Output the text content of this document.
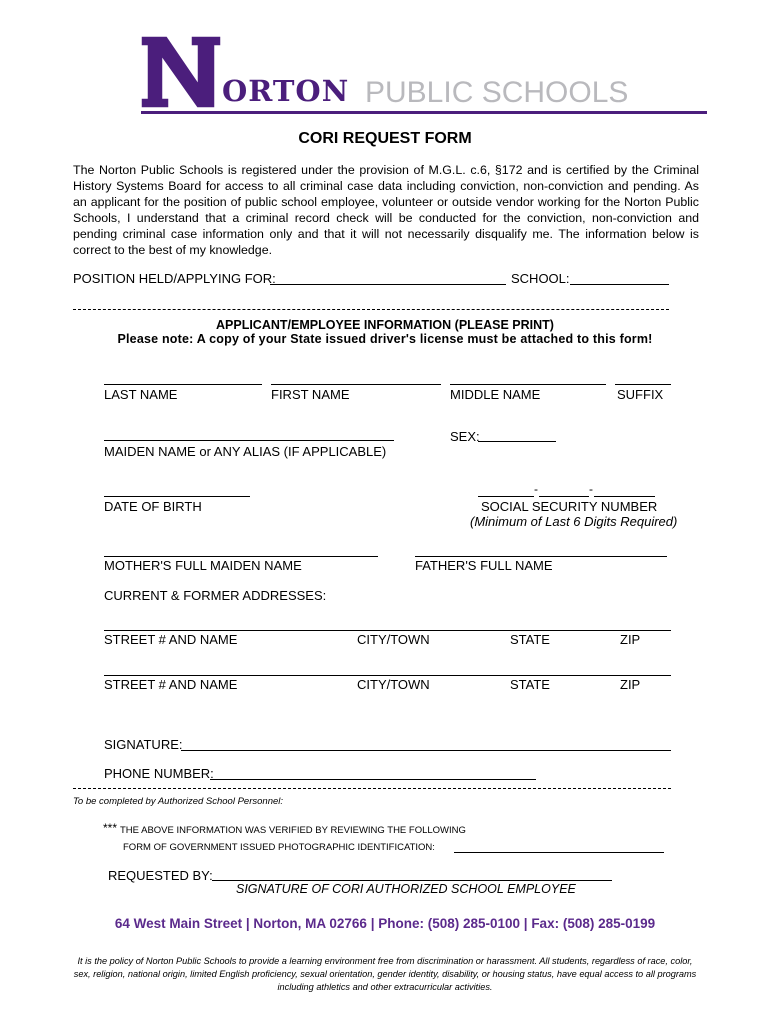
ORTON PUBLIC SCHOOLS
CORI REQUEST FORM
The Norton Public Schools is registered under the provision of M.G.L. c.6, §172 and is certified by the Criminal History Systems Board for access to all criminal case data including conviction, non-conviction and pending. As an applicant for the position of public school employee, volunteer or outside vendor working for the Norton Public Schools, I understand that a criminal record check will be conducted for the conviction, non-conviction and pending criminal case information only and that it will not necessarily disqualify me. The information below is correct to the best of my knowledge.
POSITION HELD/APPLYING FOR:	SCHOOL:
APPLICANT/EMPLOYEE INFORMATION (PLEASE PRINT)
Please note: A copy of your State issued driver's license must be attached to this form!
LAST NAME	FIRST NAME	MIDDLE NAME	SUFFIX
MAIDEN NAME or ANY ALIAS (IF APPLICABLE)
SEX:
DATE OF BIRTH
-	-
SOCIAL SECURITY NUMBER
(Minimum of Last 6 Digits Required)
MOTHER'S FULL MAIDEN NAME	FATHER'S FULL NAME
CURRENT & FORMER ADDRESSES:
STREET # AND NAME	CITY/TOWN	STATE	ZIP
STREET # AND NAME	CITY/TOWN	STATE	ZIP
SIGNATURE:
PHONE NUMBER:
To be completed by Authorized School Personnel:
*** THE ABOVE INFORMATION WAS VERIFIED BY REVIEWING THE FOLLOWING
FORM OF GOVERNMENT ISSUED PHOTOGRAPHIC IDENTIFICATION:
REQUESTED BY:
SIGNATURE OF CORI AUTHORIZED SCHOOL EMPLOYEE
64 West Main Street | Norton, MA 02766 | Phone: (508) 285-0100 | Fax: (508) 285-0199
It is the policy of Norton Public Schools to provide a learning environment free from discrimination or harassment. All students, regardless of race, color, sex, religion, national origin, limited English proficiency, sexual orientation, gender identity, disability, or housing status, have equal access to all programs including athletics and other extracurricular activities.
